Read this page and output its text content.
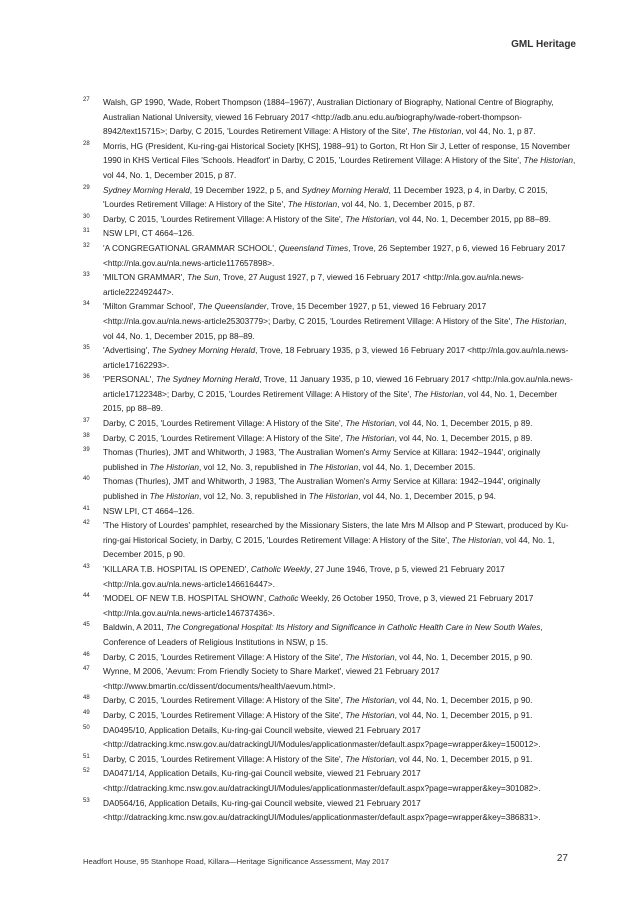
GML Heritage
27 Walsh, GP 1990, 'Wade, Robert Thompson (1884–1967)', Australian Dictionary of Biography, National Centre of Biography, Australian National University, viewed 16 February 2017 <http://adb.anu.edu.au/biography/wade-robert-thompson-8942/text15715>; Darby, C 2015, 'Lourdes Retirement Village: A History of the Site', The Historian, vol 44, No. 1, p 87.
28 Morris, HG (President, Ku-ring-gai Historical Society [KHS], 1988–91) to Gorton, Rt Hon Sir J, Letter of response, 15 November 1990 in KHS Vertical Files 'Schools. Headfort' in Darby, C 2015, 'Lourdes Retirement Village: A History of the Site', The Historian, vol 44, No. 1, December 2015, p 87.
29 Sydney Morning Herald, 19 December 1922, p 5, and Sydney Morning Herald, 11 December 1923, p 4, in Darby, C 2015, 'Lourdes Retirement Village: A History of the Site', The Historian, vol 44, No. 1, December 2015, p 87.
30 Darby, C 2015, 'Lourdes Retirement Village: A History of the Site', The Historian, vol 44, No. 1, December 2015, pp 88–89.
31 NSW LPI, CT 4664–126.
32 'A CONGREGATIONAL GRAMMAR SCHOOL', Queensland Times, Trove, 26 September 1927, p 6, viewed 16 February 2017 <http://nla.gov.au/nla.news-article117657898>.
33 'MILTON GRAMMAR', The Sun, Trove, 27 August 1927, p 7, viewed 16 February 2017 <http://nla.gov.au/nla.news-article222492447>.
34 'Milton Grammar School', The Queenslander, Trove, 15 December 1927, p 51, viewed 16 February 2017 <http://nla.gov.au/nla.news-article25303779>; Darby, C 2015, 'Lourdes Retirement Village: A History of the Site', The Historian, vol 44, No. 1, December 2015, pp 88–89.
35 'Advertising', The Sydney Morning Herald, Trove, 18 February 1935, p 3, viewed 16 February 2017 <http://nla.gov.au/nla.news-article17162293>.
36 'PERSONAL', The Sydney Morning Herald, Trove, 11 January 1935, p 10, viewed 16 February 2017 <http://nla.gov.au/nla.news-article17122348>; Darby, C 2015, 'Lourdes Retirement Village: A History of the Site', The Historian, vol 44, No. 1, December 2015, pp 88–89.
37 Darby, C 2015, 'Lourdes Retirement Village: A History of the Site', The Historian, vol 44, No. 1, December 2015, p 89.
38 Darby, C 2015, 'Lourdes Retirement Village: A History of the Site', The Historian, vol 44, No. 1, December 2015, p 89.
39 Thomas (Thurles), JMT and Whitworth, J 1983, 'The Australian Women's Army Service at Killara: 1942–1944', originally published in The Historian, vol 12, No. 3, republished in The Historian, vol 44, No. 1, December 2015.
40 Thomas (Thurles), JMT and Whitworth, J 1983, 'The Australian Women's Army Service at Killara: 1942–1944', originally published in The Historian, vol 12, No. 3, republished in The Historian, vol 44, No. 1, December 2015, p 94.
41 NSW LPI, CT 4664–126.
42 'The History of Lourdes' pamphlet, researched by the Missionary Sisters, the late Mrs M Allsop and P Stewart, produced by Ku-ring-gai Historical Society, in Darby, C 2015, 'Lourdes Retirement Village: A History of the Site', The Historian, vol 44, No. 1, December 2015, p 90.
43 'KILLARA T.B. HOSPITAL IS OPENED', Catholic Weekly, 27 June 1946, Trove, p 5, viewed 21 February 2017 <http://nla.gov.au/nla.news-article146616447>.
44 'MODEL OF NEW T.B. HOSPITAL SHOWN', Catholic Weekly, 26 October 1950, Trove, p 3, viewed 21 February 2017 <http://nla.gov.au/nla.news-article146737436>.
45 Baldwin, A 2011, The Congregational Hospital: Its History and Significance in Catholic Health Care in New South Wales, Conference of Leaders of Religious Institutions in NSW, p 15.
46 Darby, C 2015, 'Lourdes Retirement Village: A History of the Site', The Historian, vol 44, No. 1, December 2015, p 90.
47 Wynne, M 2006, 'Aevum: From Friendly Society to Share Market', viewed 21 February 2017 <http://www.bmartin.cc/dissent/documents/health/aevum.html>.
48 Darby, C 2015, 'Lourdes Retirement Village: A History of the Site', The Historian, vol 44, No. 1, December 2015, p 90.
49 Darby, C 2015, 'Lourdes Retirement Village: A History of the Site', The Historian, vol 44, No. 1, December 2015, p 91.
50 DA0495/10, Application Details, Ku-ring-gai Council website, viewed 21 February 2017 <http://datracking.kmc.nsw.gov.au/datrackingUI/Modules/applicationmaster/default.aspx?page=wrapper&key=150012>.
51 Darby, C 2015, 'Lourdes Retirement Village: A History of the Site', The Historian, vol 44, No. 1, December 2015, p 91.
52 DA0471/14, Application Details, Ku-ring-gai Council website, viewed 21 February 2017 <http://datracking.kmc.nsw.gov.au/datrackingUI/Modules/applicationmaster/default.aspx?page=wrapper&key=301082>.
53 DA0564/16, Application Details, Ku-ring-gai Council website, viewed 21 February 2017 <http://datracking.kmc.nsw.gov.au/datrackingUI/Modules/applicationmaster/default.aspx?page=wrapper&key=386831>.
Headfort House, 95 Stanhope Road, Killara—Heritage Significance Assessment, May 2017	27
